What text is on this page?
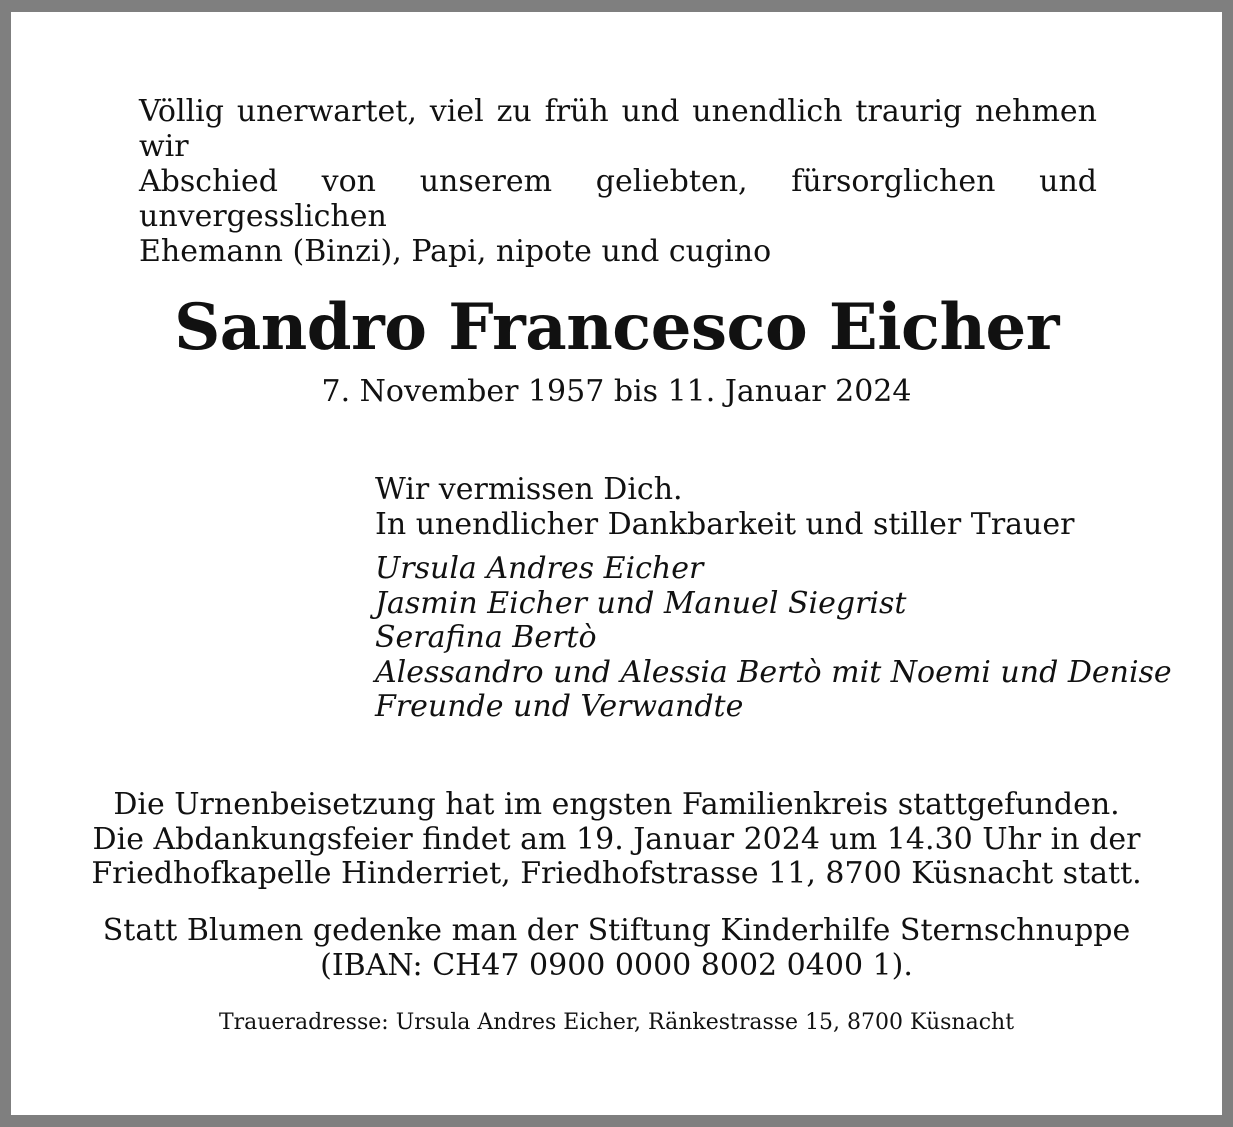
Völlig unerwartet, viel zu früh und unendlich traurig nehmen wir
Abschied von unserem geliebten, fürsorglichen und unvergesslichen
Ehemann (Binzi), Papi, nipote und cugino

Sandro Francesco Eicher

7. November 1957 bis 11. Januar 2024

Wir vermissen Dich.
In unendlicher Dankbarkeit und stiller Trauer

Ursula Andres Eicher
Jasmin Eicher und Manuel Siegrist
Serafina Bertò
Alessandro und Alessia Bertò mit Noemi und Denise
Freunde und Verwandte

Die Urnenbeisetzung hat im engsten Familienkreis stattgefunden.
Die Abdankungsfeier findet am 19. Januar 2024 um 14.30 Uhr in der
Friedhofkapelle Hinderriet, Friedhofstrasse 11, 8700 Küsnacht statt.

Statt Blumen gedenke man der Stiftung Kinderhilfe Sternschnuppe
(IBAN: CH47 0900 0000 8002 0400 1).

Traueradresse: Ursula Andres Eicher, Ränkestrasse 15, 8700 Küsnacht
